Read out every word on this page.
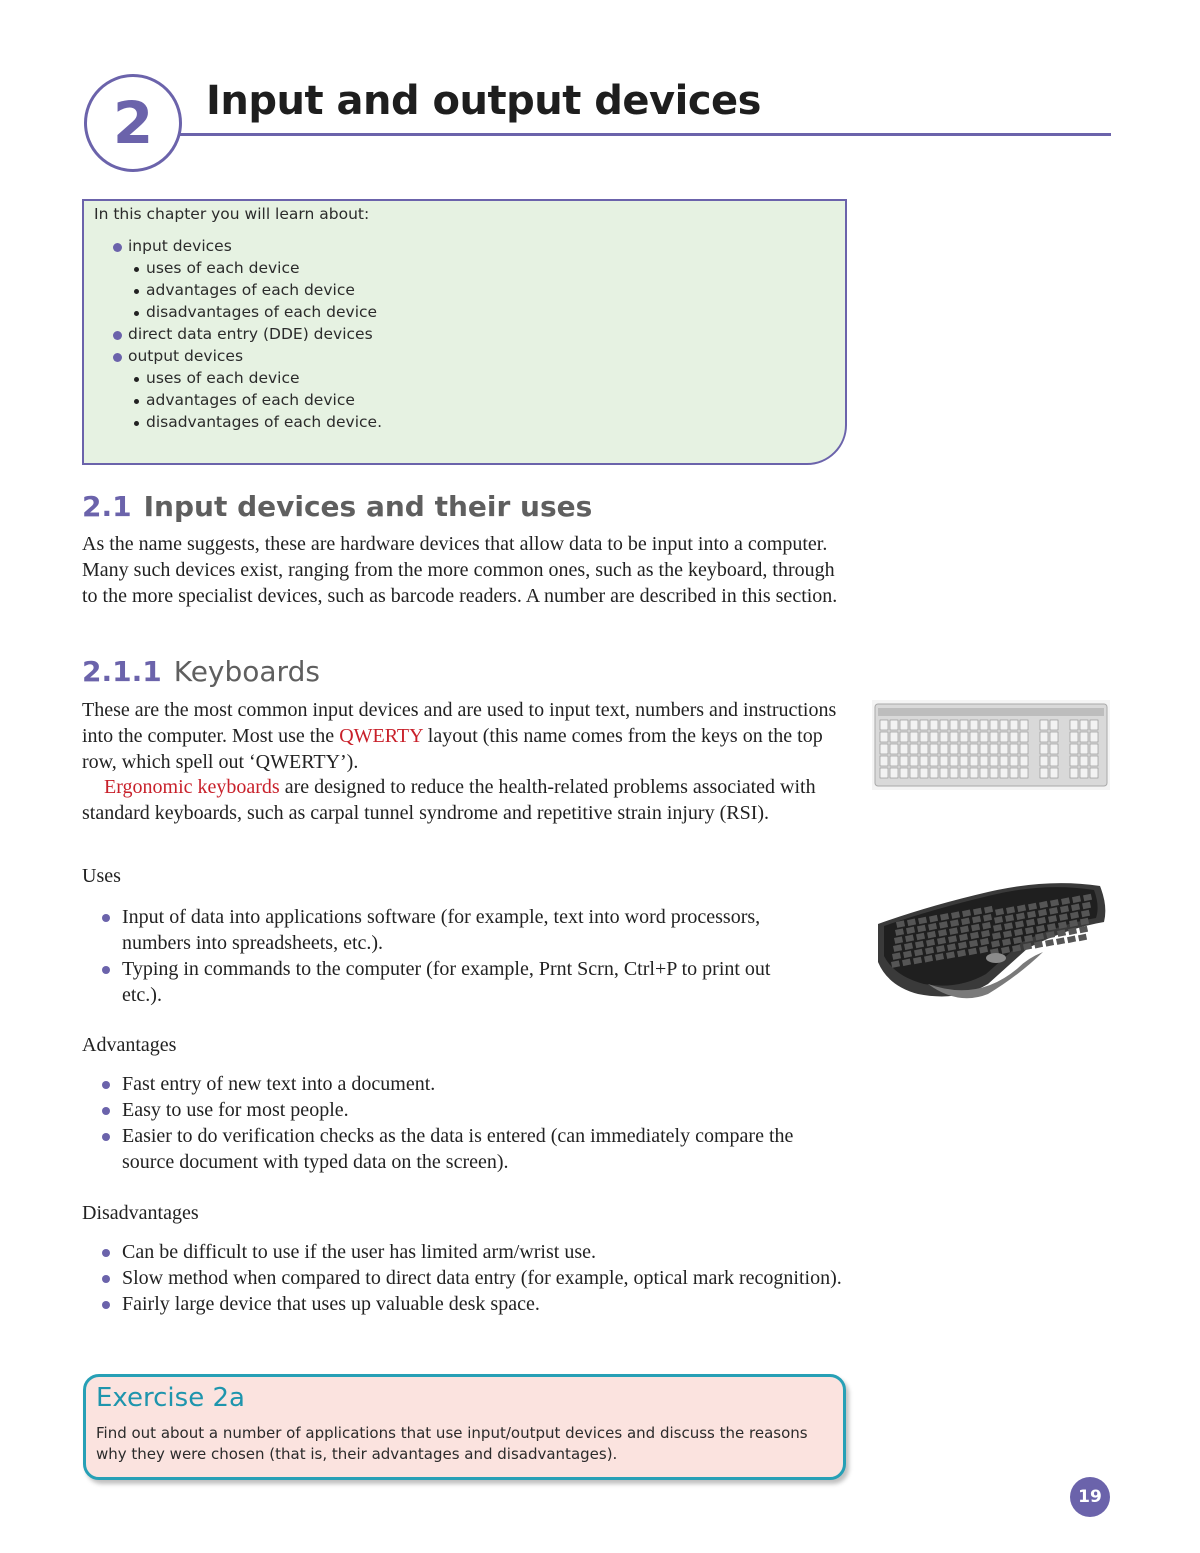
2 Input and output devices

In this chapter you will learn about:

input devices
uses of each device
advantages of each device
disadvantages of each device
direct data entry (DDE) devices
output devices
uses of each device
advantages of each device
disadvantages of each device.
2.1 Input devices and their uses

As the name suggests, these are hardware devices that allow data to be input into a computer. Many such devices exist, ranging from the more common ones, such as the keyboard, through to the more specialist devices, such as barcode readers. A number are described in this section.

2.1.1 Keyboards

These are the most common input devices and are used to input text, numbers and instructions into the computer. Most use the QWERTY layout (this name comes from the keys on the top row, which spell out ‘QWERTY’).

Ergonomic keyboards are designed to reduce the health-related problems associated with standard keyboards, such as carpal tunnel syndrome and repetitive strain injury (RSI).

Uses
Input of data into applications software (for example, text into word processors, numbers into spreadsheets, etc.).
Typing in commands to the computer (for example, Prnt Scrn, Ctrl+P to print out etc.).
Advantages
Fast entry of new text into a document.
Easy to use for most people.
Easier to do verification checks as the data is entered (can immediately compare the source document with typed data on the screen).
Disadvantages
Can be difficult to use if the user has limited arm/wrist use.
Slow method when compared to direct data entry (for example, optical mark recognition).
Fairly large device that uses up valuable desk space.
Exercise 2a

Find out about a number of applications that use input/output devices and discuss the reasons why they were chosen (that is, their advantages and disadvantages).

19
